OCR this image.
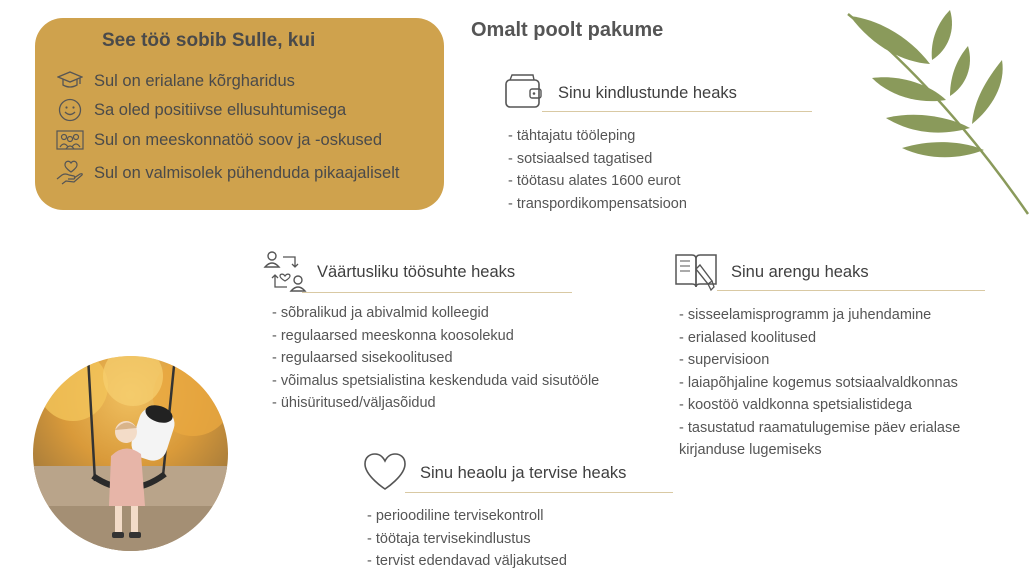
See töö sobib Sulle, kui
Sul on erialane kõrgharidus
Sa oled positiivse ellusuhtumisega
Sul on meeskonnatöö soov ja -oskused
Sul on valmisolek pühenduda pikaajaliselt
Omalt poolt pakume
Sinu kindlustunde heaks
- tähtajatu tööleping
- sotsiaalsed tagatised
- töötasu alates 1600 eurot
- transpordikompensatsioon
Väärtusliku töösuhte heaks
- sõbralikud ja abivalmid kolleegid
- regulaarsed meeskonna koosolekud
- regulaarsed sisekoolitused
- võimalus spetsialistina keskenduda vaid sisutööle
- ühisüritused/väljasõidud
Sinu arengu heaks
- sisseelamisprogramm ja juhendamine
- erialased koolitused
- supervisioon
- laiapõhjaline kogemus sotsiaalvaldkonnas
- koostöö valdkonna spetsialistidega
- tasustatud raamatulugemise päev erialase kirjanduse lugemiseks
Sinu heaolu ja tervise heaks
- perioodiline tervisekontroll
- töötaja tervisekindlustus
- tervist edendavad väljakutsed
